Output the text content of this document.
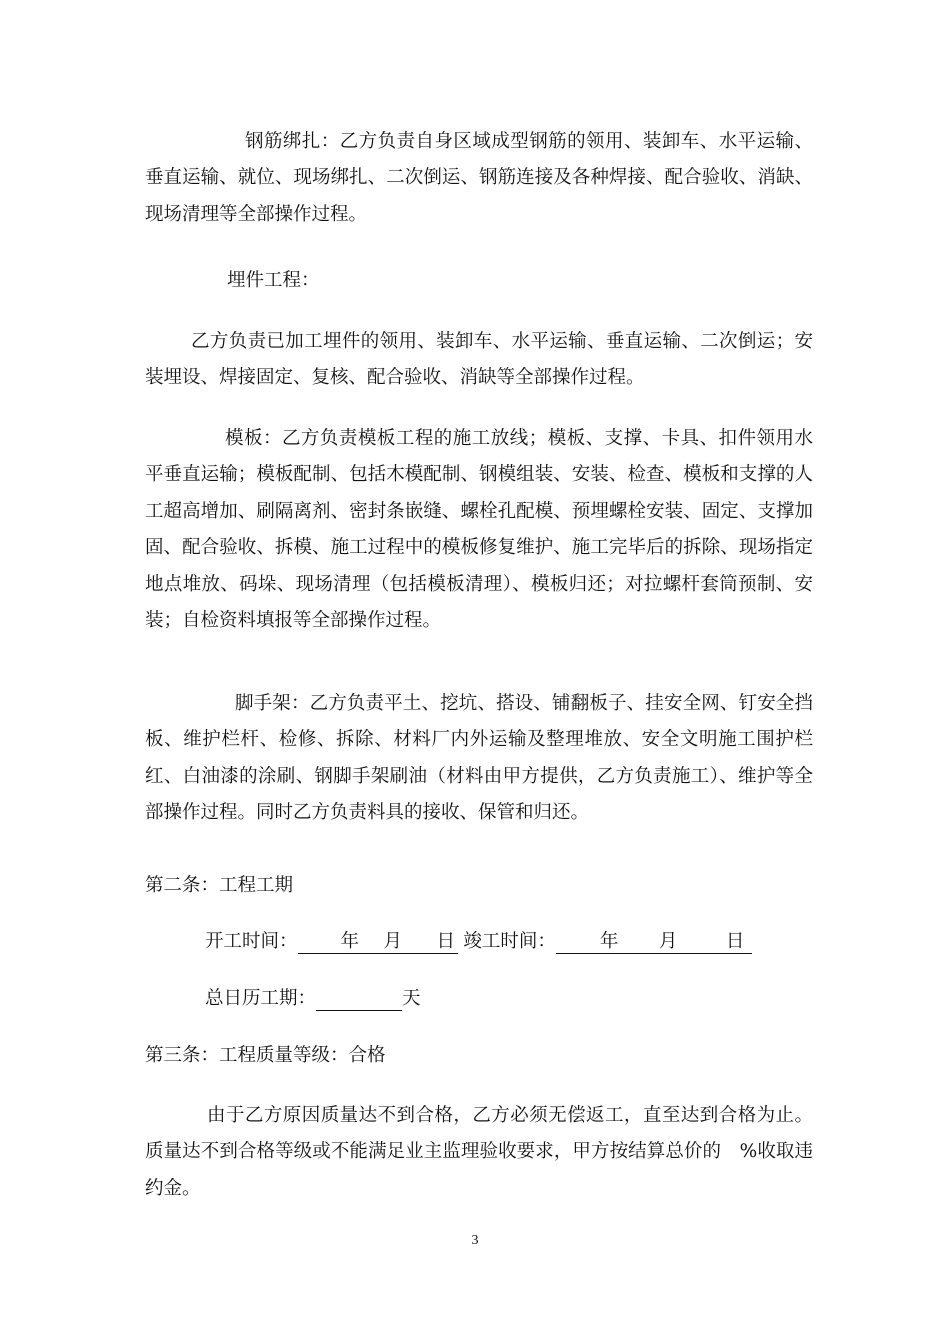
钢筋绑扎：乙方负责自身区域成型钢筋的领用、装卸车、水平运输、垂直运输、就位、现场绑扎、二次倒运、钢筋连接及各种焊接、配合验收、消缺、现场清理等全部操作过程。
埋件工程：
乙方负责已加工埋件的领用、装卸车、水平运输、垂直运输、二次倒运；安装埋设、焊接固定、复核、配合验收、消缺等全部操作过程。
模板：乙方负责模板工程的施工放线；模板、支撑、卡具、扣件领用水平垂直运输；模板配制、包括木模配制、钢模组装、安装、检查、模板和支撑的人工超高增加、刷隔离剂、密封条嵌缝、螺栓孔配模、预埋螺栓安装、固定、支撑加固、配合验收、拆模、施工过程中的模板修复维护、施工完毕后的拆除、现场指定地点堆放、码垛、现场清理（包括模板清理）、模板归还；对拉螺杆套筒预制、安装；自检资料填报等全部操作过程。
脚手架：乙方负责平土、挖坑、搭设、铺翻板子、挂安全网、钉安全挡板、维护栏杆、检修、拆除、材料厂内外运输及整理堆放、安全文明施工围护栏红、白油漆的涂刷、钢脚手架刷油（材料由甲方提供，乙方负责施工）、维护等全部操作过程。同时乙方负责料具的接收、保管和归还。
第二条：工程工期
开工时间： 年 月 日 竣工时间： 年 月	日
总日历工期：	天
第三条：工程质量等级：合格
由于乙方原因质量达不到合格，乙方必须无偿返工，直至达到合格为止。质量达不到合格等级或不能满足业主监理验收要求，甲方按结算总价的　%收取违约金。
3
